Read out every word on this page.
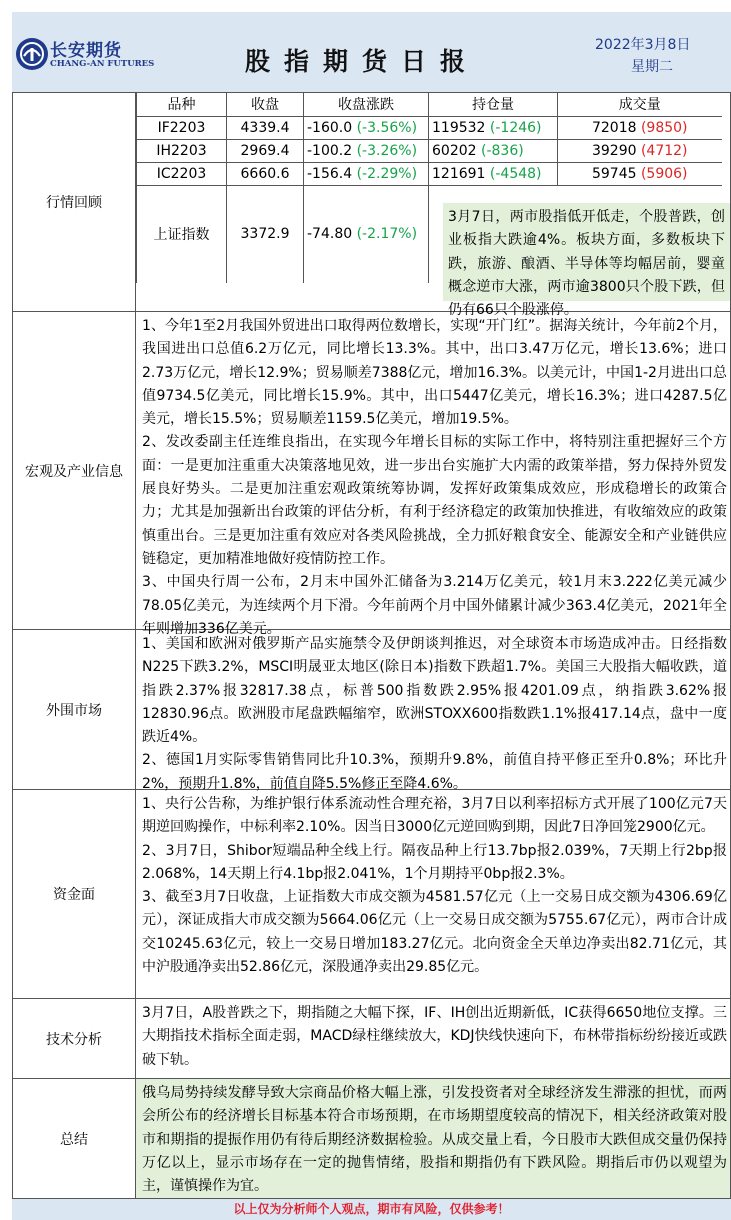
长安期货
CHANG-AN FUTURES	股指期货日报
2022年3月8日
星期二
行情回顾
品种	收盘	收盘涨跌	持仓量	成交量
IF2203	4339.4	-160.0 (-3.56%)	119532 (-1246)	72018 (9850)
IH2203	2969.4	-100.2 (-3.26%)	60202 (-836)	39290 (4712)
IC2203	6660.6	-156.4 (-2.29%)	121691 (-4548)	59745 (5906)
上证指数	3372.9	-74.80 (-2.17%)		
3月7日，两市股指低开低走，个股普跌，创业板指大跌逾4%。板块方面，多数板块下跌，旅游、酿酒、半导体等均幅居前，婴童概念逆市大涨，两市逾3800只个股下跌，但仍有66只个股涨停。
宏观及产业信息
1、今年1至2月我国外贸进出口取得两位数增长，实现“开门红”。据海关统计，今年前2个月，我国进出口总值6.2万亿元，同比增长13.3%。其中，出口3.47万亿元，增长13.6%；进口2.73万亿元，增长12.9%；贸易顺差7388亿元，增加16.3%。以美元计，中国1-2月进出口总值9734.5亿美元，同比增长15.9%。其中，出口5447亿美元，增长16.3%；进口4287.5亿美元，增长15.5%；贸易顺差1159.5亿美元，增加19.5%。
2、发改委副主任连维良指出，在实现今年增长目标的实际工作中，将特别注重把握好三个方面：一是更加注重重大决策落地见效，进一步出台实施扩大内需的政策举措，努力保持外贸发展良好势头。二是更加注重宏观政策统筹协调，发挥好政策集成效应，形成稳增长的政策合力；尤其是加强新出台政策的评估分析，有利于经济稳定的政策加快推进，有收缩效应的政策慎重出台。三是更加注重有效应对各类风险挑战，全力抓好粮食安全、能源安全和产业链供应链稳定，更加精准地做好疫情防控工作。
3、中国央行周一公布，2月末中国外汇储备为3.214万亿美元，较1月末3.222亿美元减少78.05亿美元，为连续两个月下滑。今年前两个月中国外储累计减少363.4亿美元，2021年全年则增加336亿美元。
外围市场
1、美国和欧洲对俄罗斯产品实施禁令及伊朗谈判推迟，对全球资本市场造成冲击。日经指数N225下跌3.2%，MSCI明晟亚太地区(除日本)指数下跌超1.7%。美国三大股指大幅收跌，道指跌2.37%报32817.38点，标普500指数跌2.95%报4201.09点，纳指跌3.62%报12830.96点。欧洲股市尾盘跌幅缩窄，欧洲STOXX600指数跌1.1%报417.14点，盘中一度跌近4%。
2、德国1月实际零售销售同比升10.3%，预期升9.8%，前值自持平修正至升0.8%；环比升2%，预期升1.8%，前值自降5.5%修正至降4.6%。
资金面
1、央行公告称，为维护银行体系流动性合理充裕，3月7日以利率招标方式开展了100亿元7天期逆回购操作，中标利率2.10%。因当日3000亿元逆回购到期，因此7日净回笼2900亿元。
2、3月7日，Shibor短端品种全线上行。隔夜品种上行13.7bp报2.039%，7天期上行2bp报2.068%，14天期上行4.1bp报2.041%，1个月期持平0bp报2.3%。
3、截至3月7日收盘，上证指数大市成交额为4581.57亿元（上一交易日成交额为4306.69亿元），深证成指大市成交额为5664.06亿元（上一交易日成交额为5755.67亿元），两市合计成交10245.63亿元，较上一交易日增加183.27亿元。北向资金全天单边净卖出82.71亿元，其中沪股通净卖出52.86亿元，深股通净卖出29.85亿元。
技术分析
3月7日，A股普跌之下，期指随之大幅下探，IF、IH创出近期新低，IC获得6650地位支撑。三大期指技术指标全面走弱，MACD绿柱继续放大，KDJ快线快速向下，布林带指标纷纷接近或跌破下轨。
总结
俄乌局势持续发酵导致大宗商品价格大幅上涨，引发投资者对全球经济发生滞涨的担忧，而两会所公布的经济增长目标基本符合市场预期，在市场期望度较高的情况下，相关经济政策对股市和期指的提振作用仍有待后期经济数据检验。从成交量上看，今日股市大跌但成交量仍保持万亿以上，显示市场存在一定的抛售情绪，股指和期指仍有下跌风险。期指后市仍以观望为主，谨慎操作为宜。
以上仅为分析师个人观点，期市有风险，仅供参考！
